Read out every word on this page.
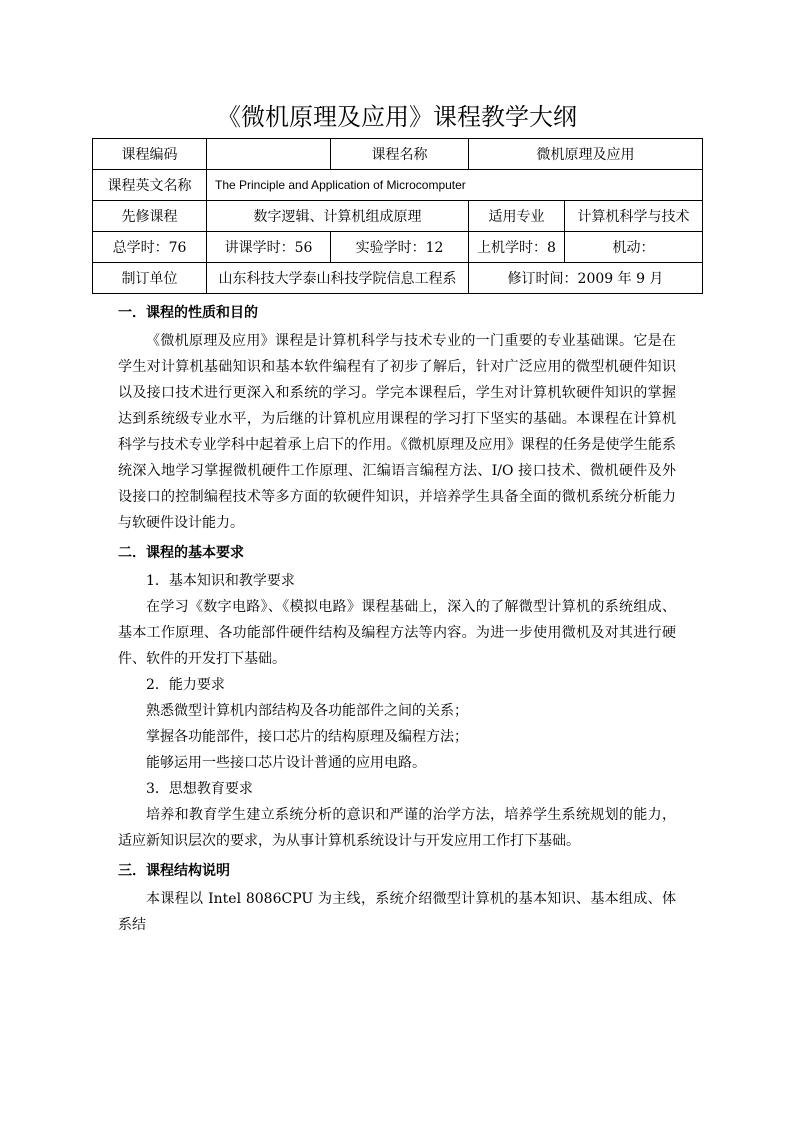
《微机原理及应用》课程教学大纲
课程编码		课程名称	微机原理及应用	
课程英文名称	The Principle and Application of Microcomputer			
先修课程	数字逻辑、计算机组成原理		适用专业	计算机科学与技术
总学时：76	讲课学时：56	实验学时：12	上机学时：8	机动：
制订单位	山东科技大学泰山科技学院信息工程系		修订时间：2009 年 9 月	

一．课程的性质和目的

《微机原理及应用》课程是计算机科学与技术专业的一门重要的专业基础课。它是在学生对计算机基础知识和基本软件编程有了初步了解后，针对广泛应用的微型机硬件知识以及接口技术进行更深入和系统的学习。学完本课程后，学生对计算机软硬件知识的掌握达到系统级专业水平，为后继的计算机应用课程的学习打下坚实的基础。本课程在计算机科学与技术专业学科中起着承上启下的作用。《微机原理及应用》课程的任务是使学生能系统深入地学习掌握微机硬件工作原理、汇编语言编程方法、I/O 接口技术、微机硬件及外设接口的控制编程技术等多方面的软硬件知识，并培养学生具备全面的微机系统分析能力与软硬件设计能力。

二．课程的基本要求

1．基本知识和教学要求

在学习《数字电路》、《模拟电路》课程基础上，深入的了解微型计算机的系统组成、基本工作原理、各功能部件硬件结构及编程方法等内容。为进一步使用微机及对其进行硬件、软件的开发打下基础。

2．能力要求

熟悉微型计算机内部结构及各功能部件之间的关系；

掌握各功能部件，接口芯片的结构原理及编程方法；

能够运用一些接口芯片设计普通的应用电路。

3．思想教育要求

培养和教育学生建立系统分析的意识和严谨的治学方法，培养学生系统规划的能力，适应新知识层次的要求，为从事计算机系统设计与开发应用工作打下基础。

三．课程结构说明

本课程以 Intel 8086CPU 为主线，系统介绍微型计算机的基本知识、基本组成、体系结
